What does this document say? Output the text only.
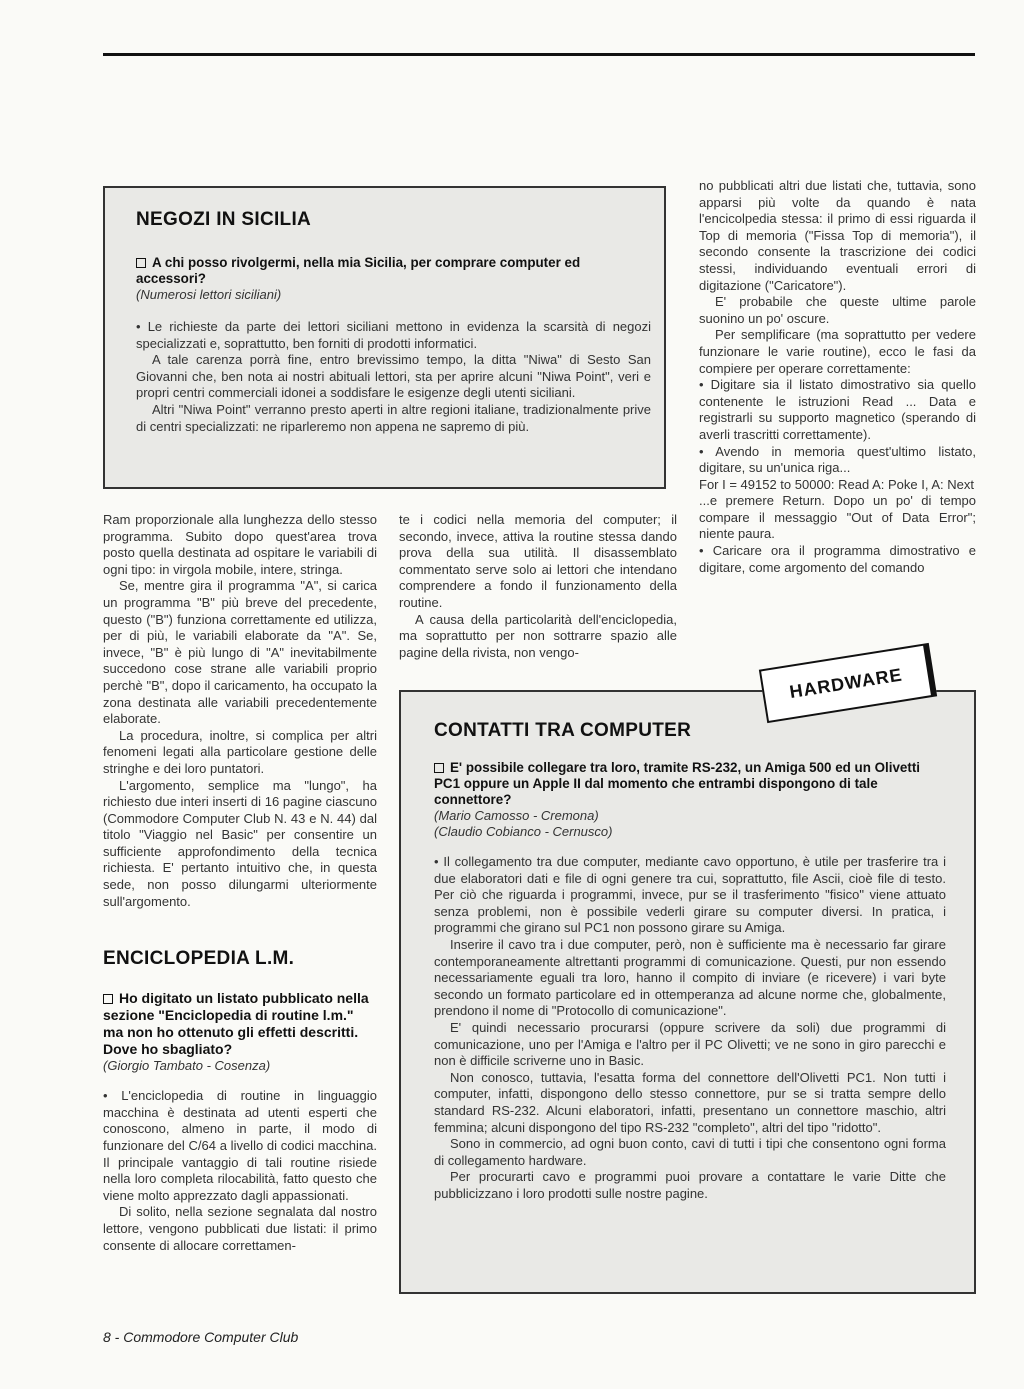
NEGOZI IN SICILIA

A chi posso rivolgermi, nella mia Sicilia, per comprare computer ed accessori?

(Numerosi lettori siciliani)

• Le richieste da parte dei lettori siciliani mettono in evidenza la scarsità di negozi specializzati e, soprattutto, ben forniti di prodotti informatici.

A tale carenza porrà fine, entro brevissimo tempo, la ditta "Niwa" di Sesto San Giovanni che, ben nota ai nostri abituali lettori, sta per aprire alcuni "Niwa Point", veri e propri centri commerciali idonei a soddisfare le esigenze degli utenti siciliani.

Altri "Niwa Point" verranno presto aperti in altre regioni italiane, tradizionalmente prive di centri specializzati: ne riparleremo non appena ne sapremo di più.

Ram proporzionale alla lunghezza dello stesso programma. Subito dopo quest'area trova posto quella destinata ad ospitare le variabili di ogni tipo: in virgola mobile, intere, stringa.

Se, mentre gira il programma "A", si carica un programma "B" più breve del precedente, questo ("B") funziona correttamente ed utilizza, per di più, le variabili elaborate da "A". Se, invece, "B" è più lungo di "A" inevitabilmente succedono cose strane alle variabili proprio perchè "B", dopo il caricamento, ha occupato la zona destinata alle variabili precedentemente elaborate.

La procedura, inoltre, si complica per altri fenomeni legati alla particolare gestione delle stringhe e dei loro puntatori.

L'argomento, semplice ma "lungo", ha richiesto due interi inserti di 16 pagine ciascuno (Commodore Computer Club N. 43 e N. 44) dal titolo "Viaggio nel Basic" per consentire un sufficiente approfondimento della tecnica richiesta. E' pertanto intuitivo che, in questa sede, non posso dilungarmi ulteriormente sull'argomento.

ENCICLOPEDIA L.M.

Ho digitato un listato pubblicato nella sezione "Enciclopedia di routine l.m." ma non ho ottenuto gli effetti descritti. Dove ho sbagliato?

(Giorgio Tambato - Cosenza)

• L'enciclopedia di routine in linguaggio macchina è destinata ad utenti esperti che conoscono, almeno in parte, il modo di funzionare del C/64 a livello di codici macchina. Il principale vantaggio di tali routine risiede nella loro completa rilocabilità, fatto questo che viene molto apprezzato dagli appassionati.

Di solito, nella sezione segnalata dal nostro lettore, vengono pubblicati due listati: il primo consente di allocare correttamen-

te i codici nella memoria del computer; il secondo, invece, attiva la routine stessa dando prova della sua utilità. Il disassemblato commentato serve solo ai lettori che intendano comprendere a fondo il funzionamento della routine.

A causa della particolarità dell'enciclopedia, ma soprattutto per non sottrarre spazio alle pagine della rivista, non vengo-

no pubblicati altri due listati che, tuttavia, sono apparsi più volte da quando è nata l'encicolpedia stessa: il primo di essi riguarda il Top di memoria ("Fissa Top di memoria"), il secondo consente la trascrizione dei codici stessi, individuando eventuali errori di digitazione ("Caricatore").

E' probabile che queste ultime parole suonino un po' oscure.

Per semplificare (ma soprattutto per vedere funzionare le varie routine), ecco le fasi da compiere per operare correttamente:

• Digitare sia il listato dimostrativo sia quello contenente le istruzioni Read ... Data e registrarli su supporto magnetico (sperando di averli trascritti correttamente).

• Avendo in memoria quest'ultimo listato, digitare, su un'unica riga...

For I = 49152 to 50000: Read A: Poke I, A: Next

...e premere Return. Dopo un po' di tempo compare il messaggio "Out of Data Error"; niente paura.

• Caricare ora il programma dimostrativo e digitare, come argomento del comando

CONTATTI TRA COMPUTER

E' possibile collegare tra loro, tramite RS-232, un Amiga 500 ed un Olivetti PC1 oppure un Apple II dal momento che entrambi dispongono di tale connettore?

(Mario Camosso - Cremona)

(Claudio Cobianco - Cernusco)

• Il collegamento tra due computer, mediante cavo opportuno, è utile per trasferire tra i due elaboratori dati e file di ogni genere tra cui, soprattutto, file Ascii, cioè file di testo. Per ciò che riguarda i programmi, invece, pur se il trasferimento "fisico" viene attuato senza problemi, non è possibile vederli girare su computer diversi. In pratica, i programmi che girano sul PC1 non possono girare su Amiga.

Inserire il cavo tra i due computer, però, non è sufficiente ma è necessario far girare contemporaneamente altrettanti programmi di comunicazione. Questi, pur non essendo necessariamente eguali tra loro, hanno il compito di inviare (e ricevere) i vari byte secondo un formato particolare ed in ottemperanza ad alcune norme che, globalmente, prendono il nome di "Protocollo di comunicazione".

E' quindi necessario procurarsi (oppure scrivere da soli) due programmi di comunicazione, uno per l'Amiga e l'altro per il PC Olivetti; ve ne sono in giro parecchi e non è difficile scriverne uno in Basic.

Non conosco, tuttavia, l'esatta forma del connettore dell'Olivetti PC1. Non tutti i computer, infatti, dispongono dello stesso connettore, pur se si tratta sempre dello standard RS-232. Alcuni elaboratori, infatti, presentano un connettore maschio, altri femmina; alcuni dispongono del tipo RS-232 "completo", altri del tipo "ridotto".

Sono in commercio, ad ogni buon conto, cavi di tutti i tipi che consentono ogni forma di collegamento hardware.

Per procurarti cavo e programmi puoi provare a contattare le varie Ditte che pubblicizzano i loro prodotti sulle nostre pagine.

HARDWARE
8 - Commodore Computer Club
